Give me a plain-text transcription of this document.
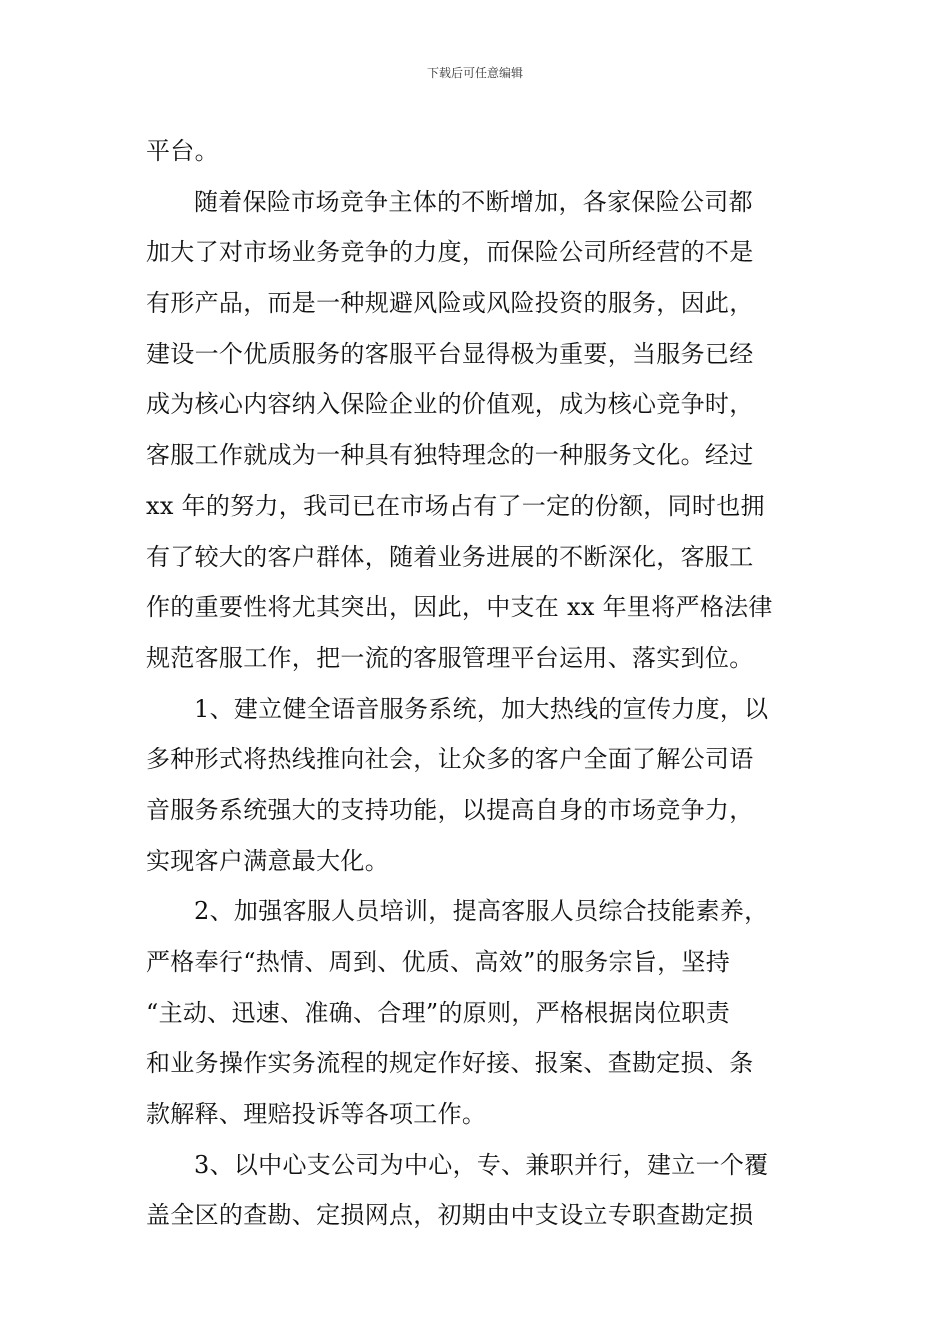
下载后可任意编辑
平台。
随着保险市场竞争主体的不断增加，各家保险公司都
加大了对市场业务竞争的力度，而保险公司所经营的不是
有形产品，而是一种规避风险或风险投资的服务，因此，
建设一个优质服务的客服平台显得极为重要，当服务已经
成为核心内容纳入保险企业的价值观，成为核心竞争时，
客服工作就成为一种具有独特理念的一种服务文化。经过
xx 年的努力，我司已在市场占有了一定的份额，同时也拥
有了较大的客户群体，随着业务进展的不断深化，客服工
作的重要性将尤其突出，因此，中支在 xx 年里将严格法律
规范客服工作，把一流的客服管理平台运用、落实到位。
1、建立健全语音服务系统，加大热线的宣传力度，以
多种形式将热线推向社会，让众多的客户全面了解公司语
音服务系统强大的支持功能，以提高自身的市场竞争力，
实现客户满意最大化。
2、加强客服人员培训，提高客服人员综合技能素养，
严格奉行“热情、周到、优质、高效”的服务宗旨，坚持
“主动、迅速、准确、合理”的原则，严格根据岗位职责
和业务操作实务流程的规定作好接、报案、查勘定损、条
款解释、理赔投诉等各项工作。
3、以中心支公司为中心，专、兼职并行，建立一个覆
盖全区的查勘、定损网点，初期由中支设立专职查勘定损
